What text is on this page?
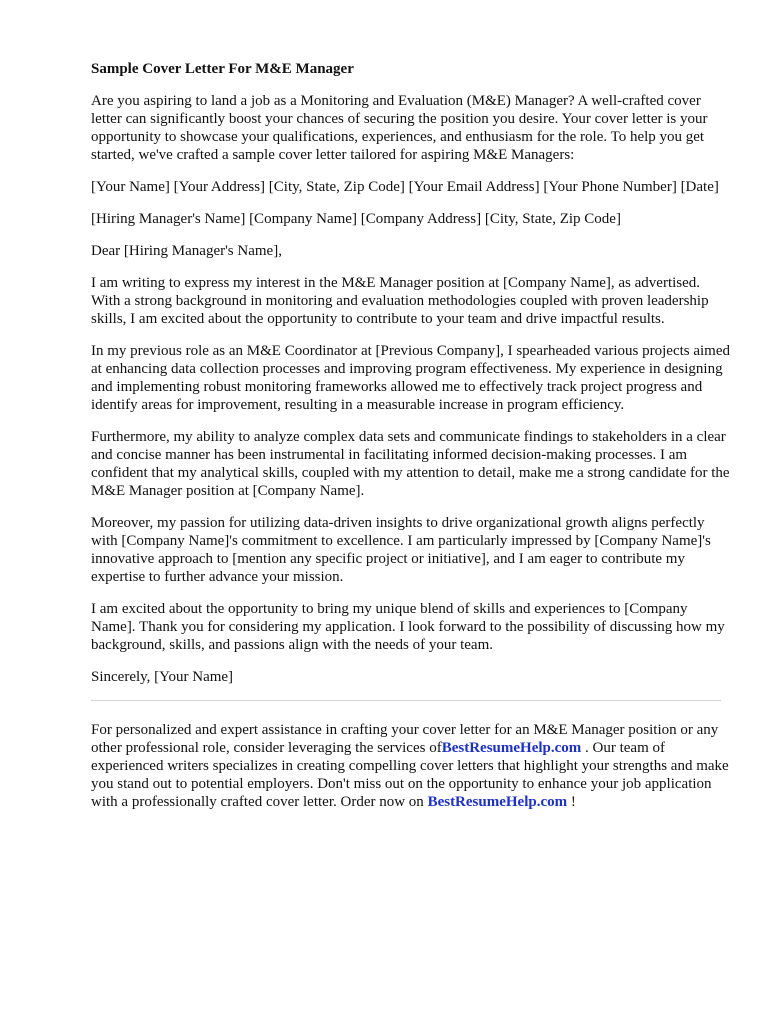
Sample Cover Letter For M&E Manager

Are you aspiring to land a job as a Monitoring and Evaluation (M&E) Manager? A well-crafted cover letter can significantly boost your chances of securing the position you desire. Your cover letter is your opportunity to showcase your qualifications, experiences, and enthusiasm for the role. To help you get started, we've crafted a sample cover letter tailored for aspiring M&E Managers:

[Your Name] [Your Address] [City, State, Zip Code] [Your Email Address] [Your Phone Number] [Date]

[Hiring Manager's Name] [Company Name] [Company Address] [City, State, Zip Code]

Dear [Hiring Manager's Name],

I am writing to express my interest in the M&E Manager position at [Company Name], as advertised. With a strong background in monitoring and evaluation methodologies coupled with proven leadership skills, I am excited about the opportunity to contribute to your team and drive impactful results.

In my previous role as an M&E Coordinator at [Previous Company], I spearheaded various projects aimed at enhancing data collection processes and improving program effectiveness. My experience in designing and implementing robust monitoring frameworks allowed me to effectively track project progress and identify areas for improvement, resulting in a measurable increase in program efficiency.

Furthermore, my ability to analyze complex data sets and communicate findings to stakeholders in a clear and concise manner has been instrumental in facilitating informed decision-making processes. I am confident that my analytical skills, coupled with my attention to detail, make me a strong candidate for the M&E Manager position at [Company Name].

Moreover, my passion for utilizing data-driven insights to drive organizational growth aligns perfectly with [Company Name]'s commitment to excellence. I am particularly impressed by [Company Name]'s innovative approach to [mention any specific project or initiative], and I am eager to contribute my expertise to further advance your mission.

I am excited about the opportunity to bring my unique blend of skills and experiences to [Company Name]. Thank you for considering my application. I look forward to the possibility of discussing how my background, skills, and passions align with the needs of your team.

Sincerely, [Your Name]

For personalized and expert assistance in crafting your cover letter for an M&E Manager position or any other professional role, consider leveraging the services ofBestResumeHelp.com . Our team of experienced writers specializes in creating compelling cover letters that highlight your strengths and make you stand out to potential employers. Don't miss out on the opportunity to enhance your job application with a professionally crafted cover letter. Order now on BestResumeHelp.com !
